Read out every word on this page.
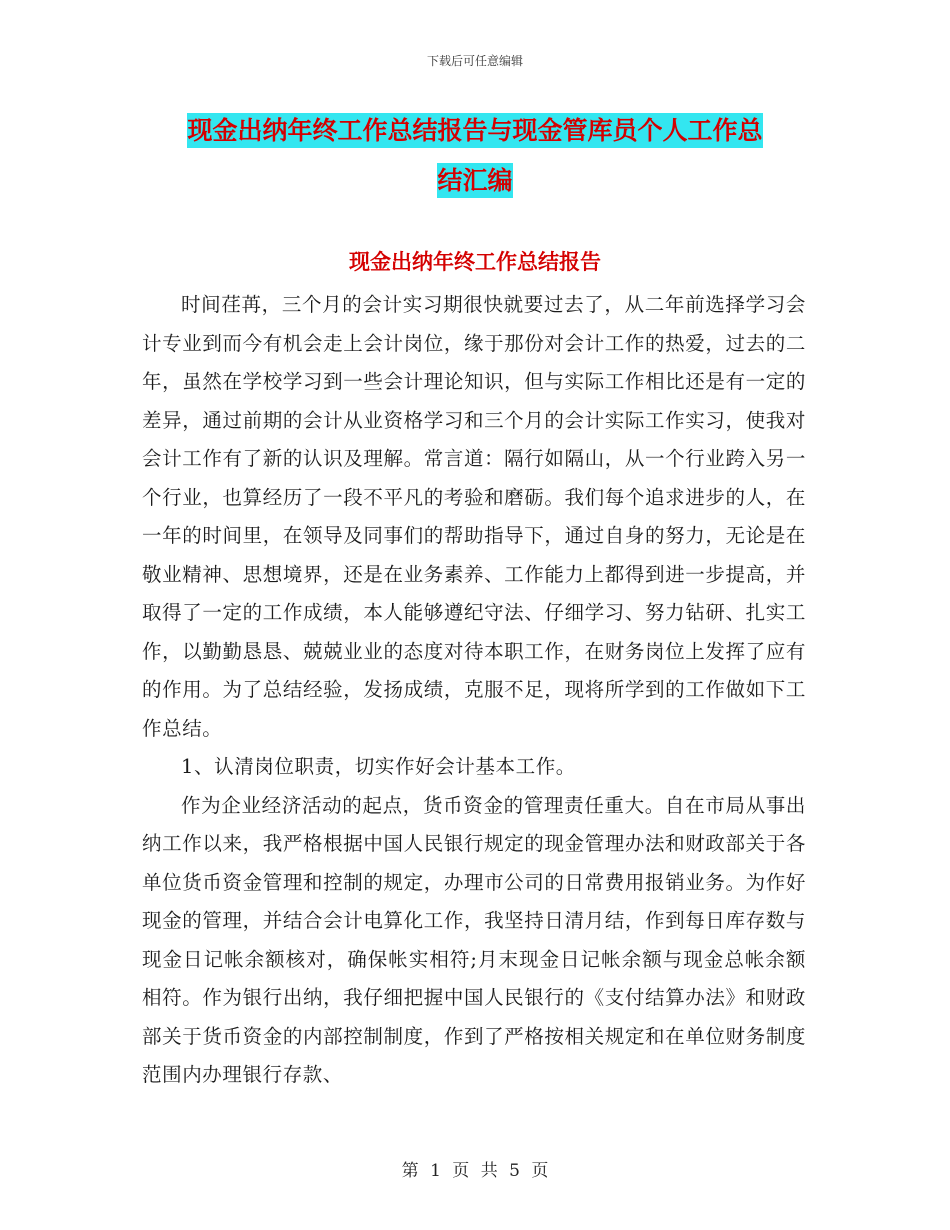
下载后可任意编辑
现金出纳年终工作总结报告与现金管库员个人工作总
结汇编
现金出纳年终工作总结报告

时间荏苒，三个月的会计实习期很快就要过去了，从二年前选择学习会计专业到而今有机会走上会计岗位，缘于那份对会计工作的热爱，过去的二年，虽然在学校学习到一些会计理论知识，但与实际工作相比还是有一定的差异，通过前期的会计从业资格学习和三个月的会计实际工作实习，使我对会计工作有了新的认识及理解。常言道：隔行如隔山，从一个行业跨入另一个行业，也算经历了一段不平凡的考验和磨砺。我们每个追求进步的人，在一年的时间里，在领导及同事们的帮助指导下，通过自身的努力，无论是在敬业精神、思想境界，还是在业务素养、工作能力上都得到进一步提高，并取得了一定的工作成绩，本人能够遵纪守法、仔细学习、努力钻研、扎实工作，以勤勤恳恳、兢兢业业的态度对待本职工作，在财务岗位上发挥了应有的作用。为了总结经验，发扬成绩，克服不足，现将所学到的工作做如下工作总结。

1、认清岗位职责，切实作好会计基本工作。

作为企业经济活动的起点，货币资金的管理责任重大。自在市局从事出纳工作以来，我严格根据中国人民银行规定的现金管理办法和财政部关于各单位货币资金管理和控制的规定，办理市公司的日常费用报销业务。为作好现金的管理，并结合会计电算化工作，我坚持日清月结，作到每日库存数与现金日记帐余额核对，确保帐实相符;月末现金日记帐余额与现金总帐余额相符。作为银行出纳，我仔细把握中国人民银行的《支付结算办法》和财政部关于货币资金的内部控制制度，作到了严格按相关规定和在单位财务制度范围内办理银行存款、

第 1 页 共 5 页
